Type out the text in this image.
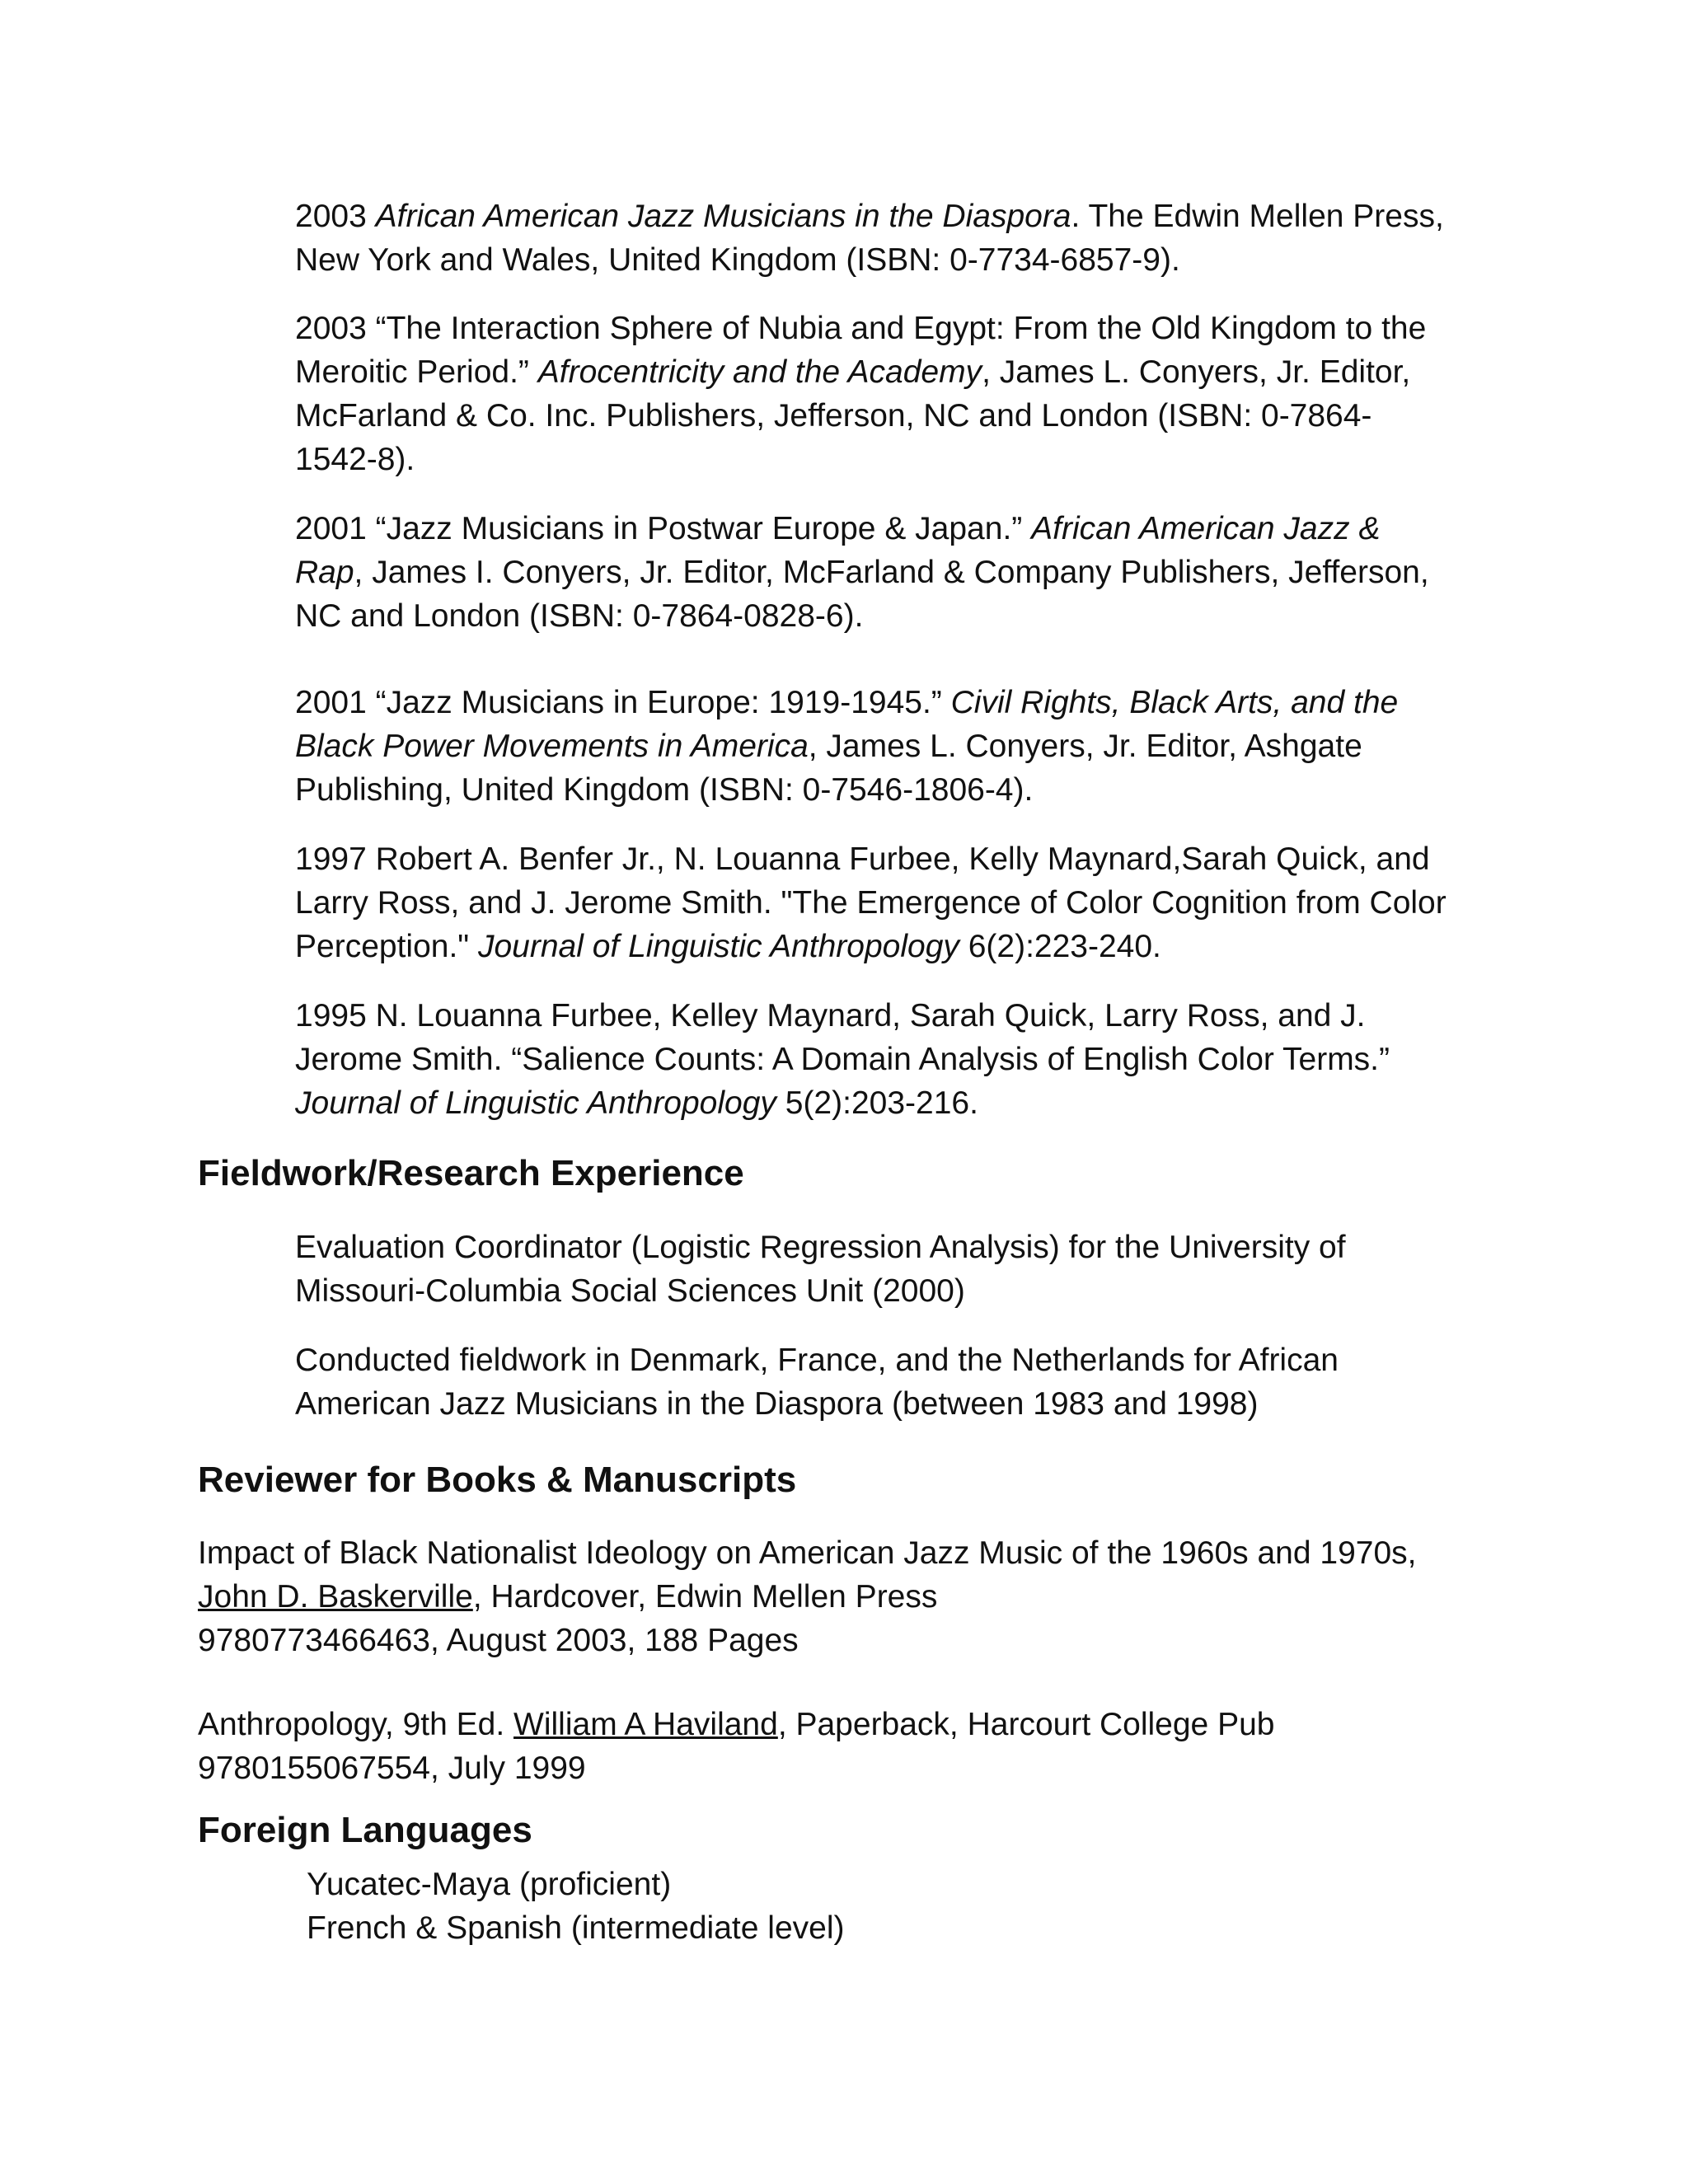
2003 African American Jazz Musicians in the Diaspora. The Edwin Mellen Press,
New York and Wales, United Kingdom (ISBN: 0-7734-6857-9).

2003 “The Interaction Sphere of Nubia and Egypt: From the Old Kingdom to the
Meroitic Period.” Afrocentricity and the Academy, James L. Conyers, Jr. Editor,
McFarland & Co. Inc. Publishers, Jefferson, NC and London (ISBN: 0-7864-
1542-8).

2001 “Jazz Musicians in Postwar Europe & Japan.” African American Jazz &
Rap, James I. Conyers, Jr. Editor, McFarland & Company Publishers, Jefferson,
NC and London (ISBN: 0-7864-0828-6).

2001 “Jazz Musicians in Europe: 1919-1945.” Civil Rights, Black Arts, and the
Black Power Movements in America, James L. Conyers, Jr. Editor, Ashgate
Publishing, United Kingdom (ISBN: 0-7546-1806-4).

1997 Robert A. Benfer Jr., N. Louanna Furbee, Kelly Maynard,Sarah Quick, and
Larry Ross, and J. Jerome Smith. "The Emergence of Color Cognition from Color
Perception." Journal of Linguistic Anthropology 6(2):223-240.

1995 N. Louanna Furbee, Kelley Maynard, Sarah Quick, Larry Ross, and J.
Jerome Smith. “Salience Counts: A Domain Analysis of English Color Terms.”
Journal of Linguistic Anthropology 5(2):203-216.

Fieldwork/Research Experience

Evaluation Coordinator (Logistic Regression Analysis) for the University of
Missouri-Columbia Social Sciences Unit (2000)

Conducted fieldwork in Denmark, France, and the Netherlands for African
American Jazz Musicians in the Diaspora (between 1983 and 1998)

Reviewer for Books & Manuscripts

Impact of Black Nationalist Ideology on American Jazz Music of the 1960s and 1970s,
John D. Baskerville, Hardcover, Edwin Mellen Press
9780773466463, August 2003, 188 Pages

Anthropology, 9th Ed. William A Haviland, Paperback, Harcourt College Pub
9780155067554, July 1999

Foreign Languages

Yucatec-Maya (proficient)
French & Spanish (intermediate level)
